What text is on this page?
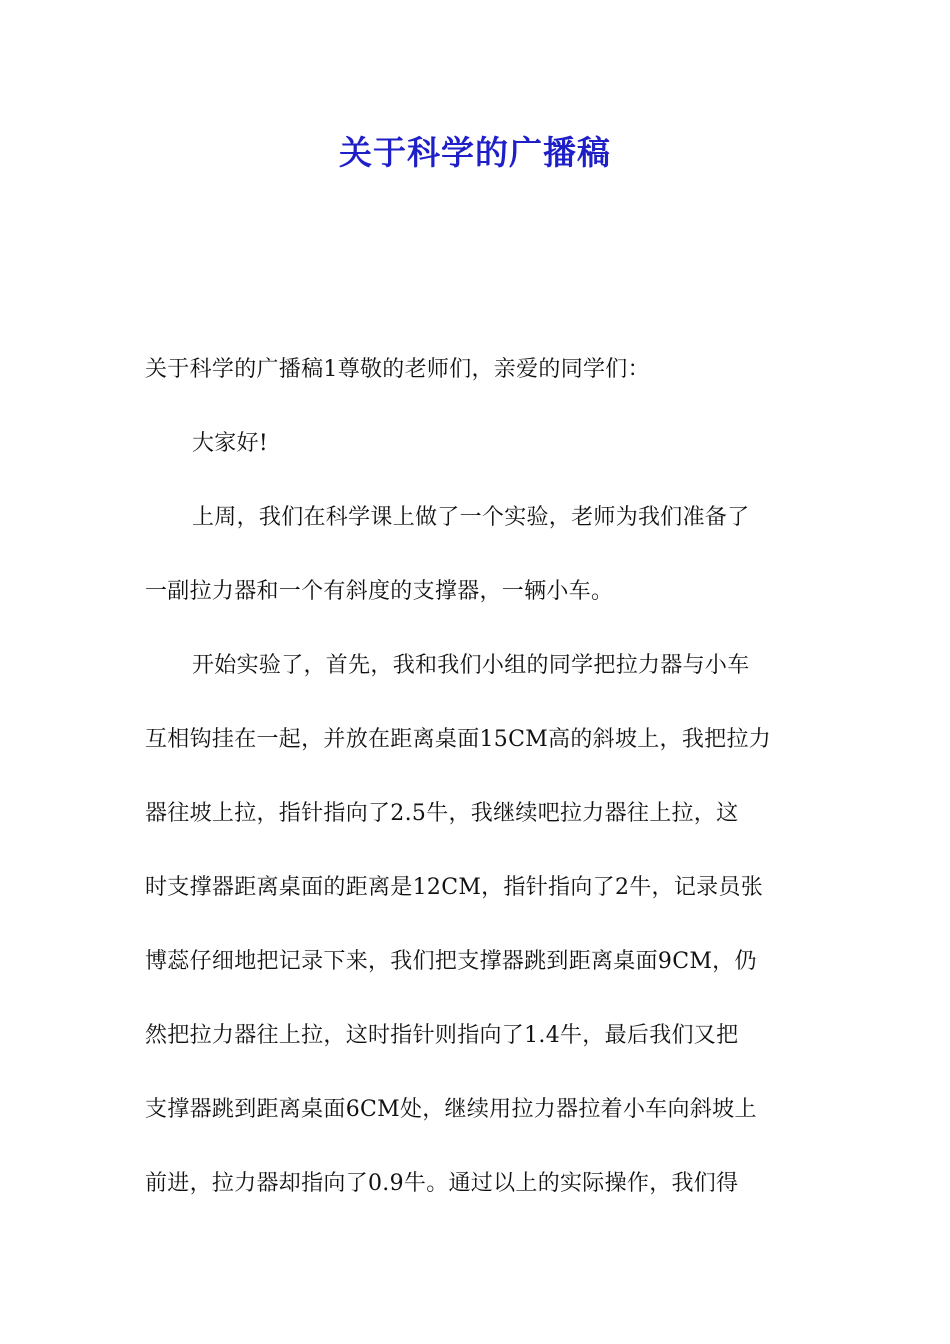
关于科学的广播稿
关于科学的广播稿1尊敬的老师们，亲爱的同学们：
大家好!
上周，我们在科学课上做了一个实验，老师为我们准备了
一副拉力器和一个有斜度的支撑器，一辆小车。
开始实验了，首先，我和我们小组的同学把拉力器与小车
互相钩挂在一起，并放在距离桌面15CM高的斜坡上，我把拉力
器往坡上拉，指针指向了2.5牛，我继续吧拉力器往上拉，这
时支撑器距离桌面的距离是12CM，指针指向了2牛，记录员张
博蕊仔细地把记录下来，我们把支撑器跳到距离桌面9CM，仍
然把拉力器往上拉，这时指针则指向了1.4牛，最后我们又把
支撑器跳到距离桌面6CM处，继续用拉力器拉着小车向斜坡上
前进，拉力器却指向了0.9牛。通过以上的实际操作，我们得
